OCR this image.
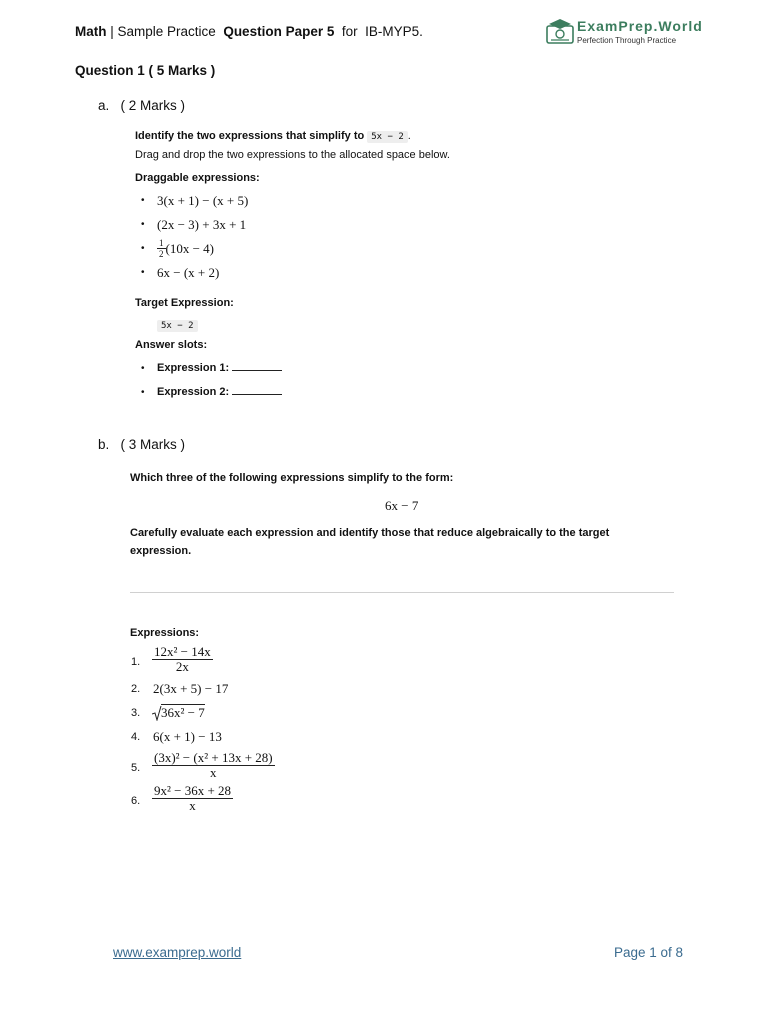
Math | Sample Practice  Question Paper 5  for  IB-MYP5.	ExamPrep.World
Perfection Through Practice
Question 1 ( 5 Marks )
a.   ( 2 Marks )
Identify the two expressions that simplify to 5x − 2 .
Drag and drop the two expressions to the allocated space below.
Draggable expressions:
• 3(x + 1) − (x + 5)
• (2x − 3) + 3x + 1
• $\frac{1}{2} (10x - 4)$
• 6x − (x + 2)
Target Expression:
5x − 2
Answer slots:
• Expression 1:
• Expression 2:
b.   ( 3 Marks )
Which three of the following expressions simplify to the form:
6x − 7
Carefully evaluate each expression and identify those that reduce algebraically to the target
expression.
Expressions:
1. $\frac{\text{12x² − 14x}}{2x}$
2. 2(3x + 5) − 17
3. 36x² − 7
4. 6(x + 1) − 13
5. $\frac{\text{(3x)² − (x² + 13x + 28)}}{x}$
6. $\frac{\text{9x² − 36x + 28}}{x}$
www.examprep.world	Page 1 of 8
